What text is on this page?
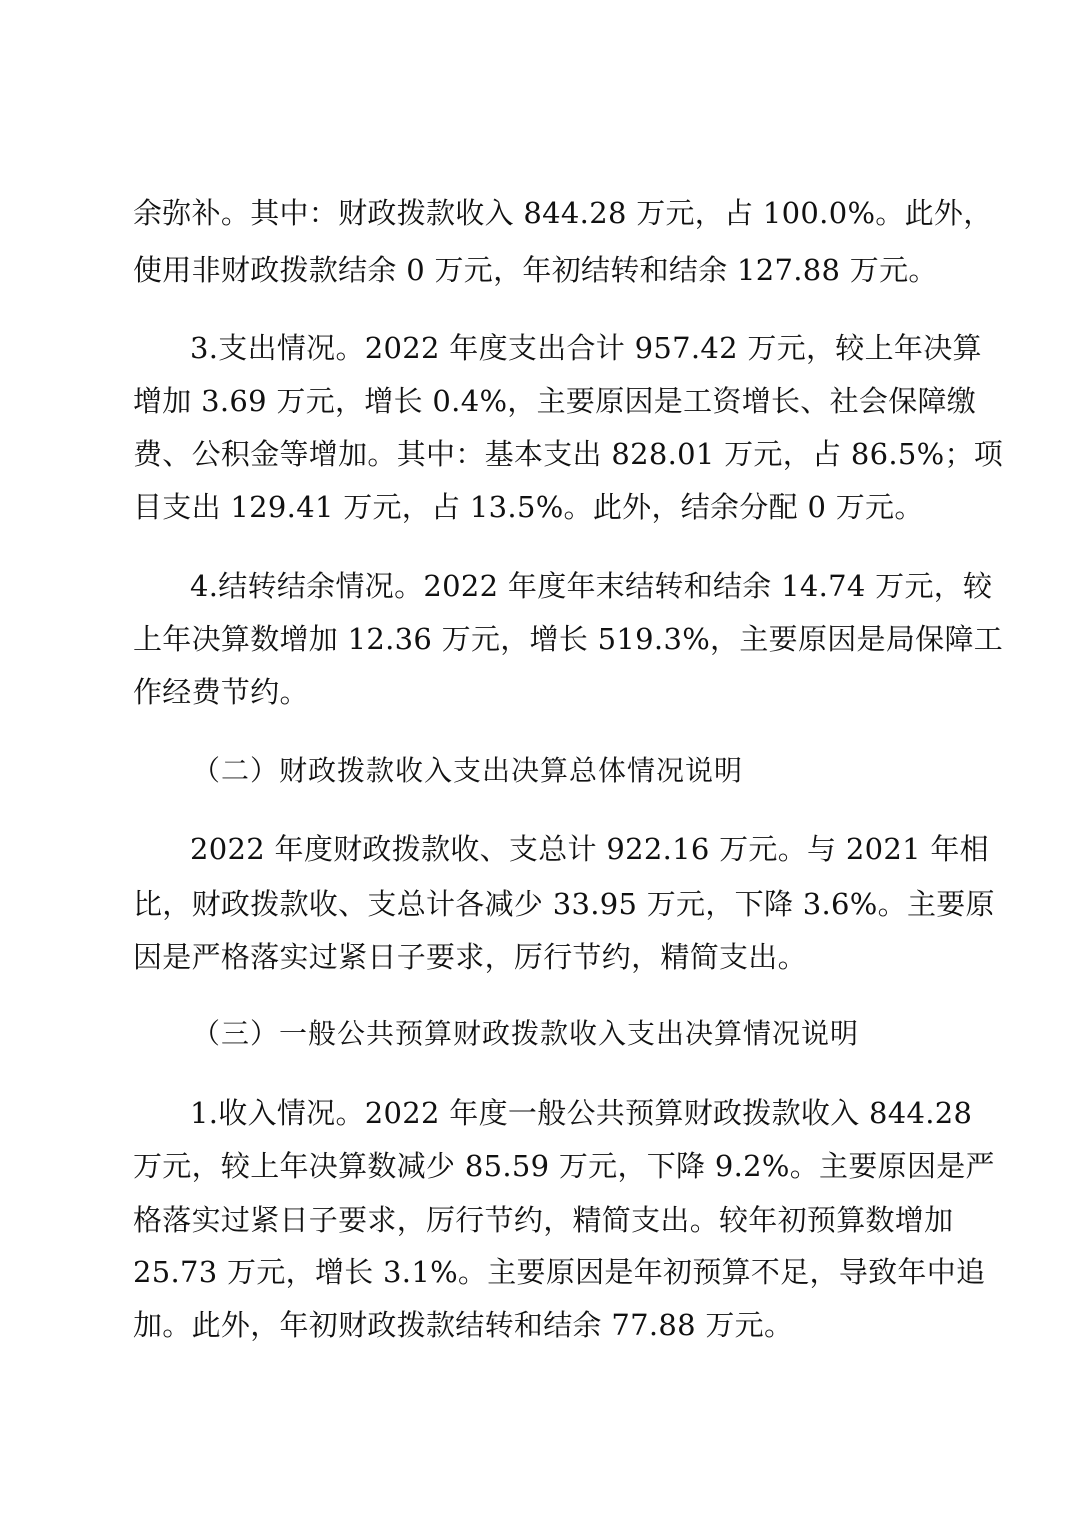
余弥补。其中：财政拨款收入 844.28 万元，占 100.0%。此外，
使用非财政拨款结余 0 万元，年初结转和结余 127.88 万元。
3.支出情况。2022 年度支出合计 957.42 万元，较上年决算
增加 3.69 万元，增长 0.4%，主要原因是工资增长、社会保障缴
费、公积金等增加。其中：基本支出 828.01 万元，占 86.5%；项
目支出 129.41 万元，占 13.5%。此外，结余分配 0 万元。
4.结转结余情况。2022 年度年末结转和结余 14.74 万元，较
上年决算数增加 12.36 万元，增长 519.3%，主要原因是局保障工
作经费节约。
（二）财政拨款收入支出决算总体情况说明
2022 年度财政拨款收、支总计 922.16 万元。与 2021 年相
比，财政拨款收、支总计各减少 33.95 万元，下降 3.6%。主要原
因是严格落实过紧日子要求，厉行节约，精简支出。
（三）一般公共预算财政拨款收入支出决算情况说明
1.收入情况。2022 年度一般公共预算财政拨款收入 844.28
万元，较上年决算数减少 85.59 万元，下降 9.2%。主要原因是严
格落实过紧日子要求，厉行节约，精简支出。较年初预算数增加
25.73 万元，增长 3.1%。主要原因是年初预算不足，导致年中追
加。此外，年初财政拨款结转和结余 77.88 万元。
